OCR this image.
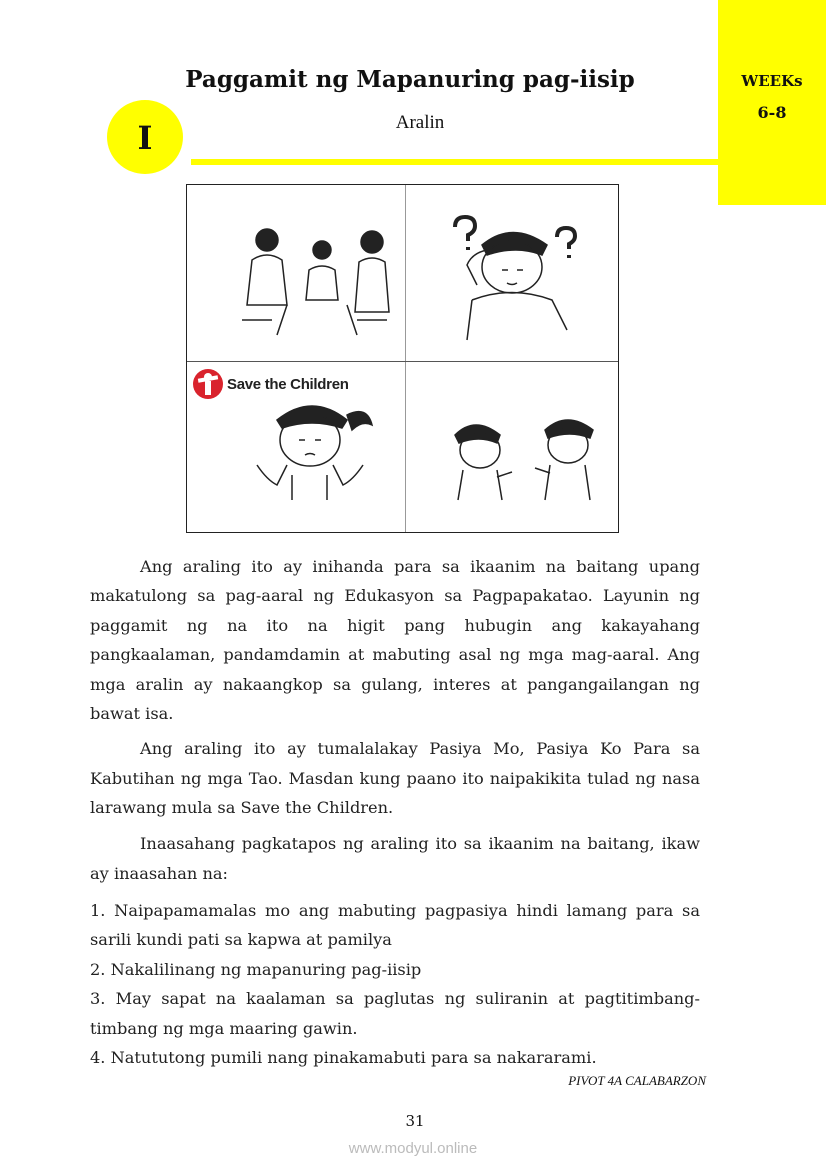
WEEKs
6-8
Paggamit ng Mapanuring pag-iisip
Aralin
I
Save the Children
Ang araling ito ay inihanda para sa ikaanim na baitang upang
makatulong sa pag-aaral ng Edukasyon sa Pagpapakatao. Layunin ng
paggamit ng na ito na higit pang hubugin ang kakayahang
pangkaalaman, pandamdamin at mabuting asal ng mga mag-aaral. Ang
mga aralin ay nakaangkop sa gulang, interes at pangangailangan ng
bawat isa.
Ang araling ito ay tumalalakay Pasiya Mo, Pasiya Ko Para sa
Kabutihan ng mga Tao. Masdan kung paano ito naipakikita tulad ng nasa
larawang mula sa Save the Children.
Inaasahang pagkatapos ng araling ito sa ikaanim na baitang, ikaw
ay inaasahan na:
1. Naipapamamalas mo ang mabuting pagpasiya hindi lamang para sa
sarili kundi pati sa kapwa at pamilya
2. Nakalilinang ng mapanuring pag-iisip
3. May sapat na kaalaman sa paglutas ng suliranin at pagtitimbang-
timbang ng mga maaring gawin.
4. Natututong pumili nang pinakamabuti para sa nakararami.
PIVOT 4A CALABARZON
31
www.modyul.online
